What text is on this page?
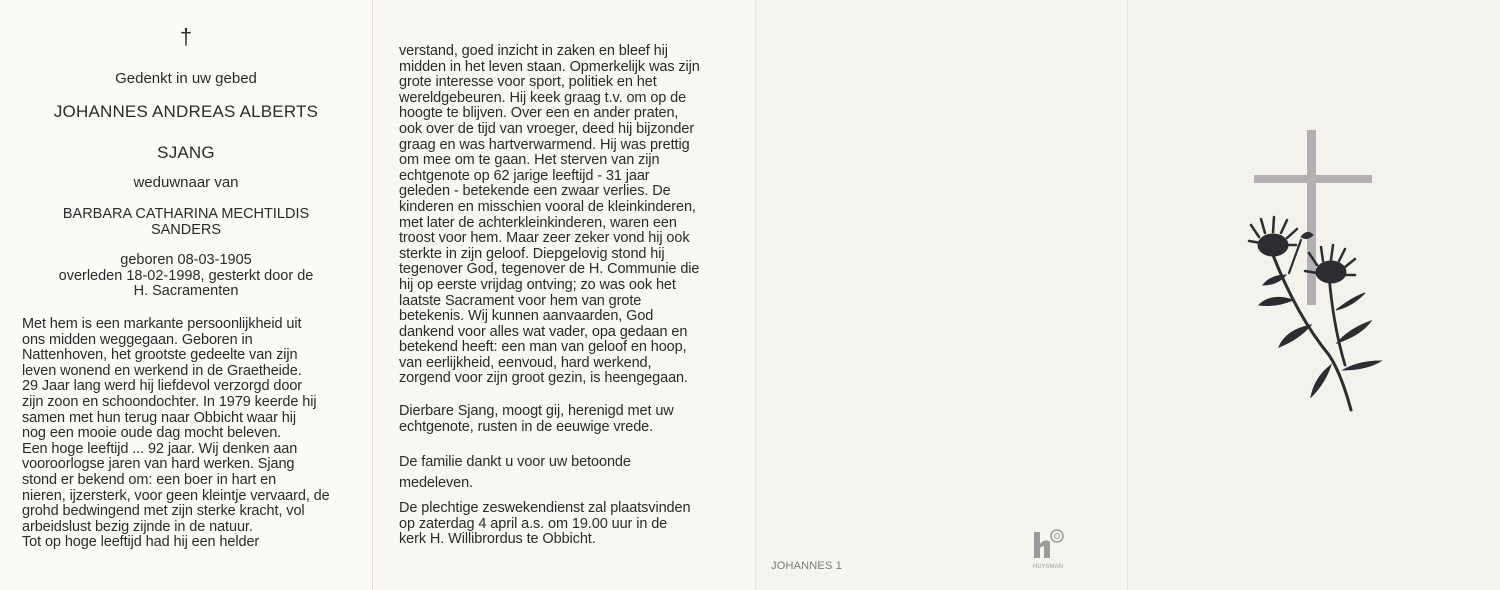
†
Gedenkt in uw gebed
JOHANNES ANDREAS ALBERTS
SJANG
weduwnaar van
BARBARA CATHARINA MECHTILDIS
SANDERS
geboren 08-03-1905
overleden 18-02-1998, gesterkt door de
H. Sacramenten
Met hem is een markante persoonlijkheid uit
ons midden weggegaan. Geboren in
Nattenhoven, het grootste gedeelte van zijn
leven wonend en werkend in de Graetheide.
29 Jaar lang werd hij liefdevol verzorgd door
zijn zoon en schoondochter. In 1979 keerde hij
samen met hun terug naar Obbicht waar hij
nog een mooie oude dag mocht beleven.
Een hoge leeftijd ... 92 jaar. Wij denken aan
vooroorlogse jaren van hard werken. Sjang
stond er bekend om: een boer in hart en
nieren, ijzersterk, voor geen kleintje vervaard, de
grohd bedwingend met zijn sterke kracht, vol
arbeidslust bezig zijnde in de natuur.
Tot op hoge leeftijd had hij een helder
verstand, goed inzicht in zaken en bleef hij
midden in het leven staan. Opmerkelijk was zijn
grote interesse voor sport, politiek en het
wereldgebeuren. Hij keek graag t.v. om op de
hoogte te blijven. Over een en ander praten,
ook over de tijd van vroeger, deed hij bijzonder
graag en was hartverwarmend. Hij was prettig
om mee om te gaan. Het sterven van zijn
echtgenote op 62 jarige leeftijd - 31 jaar
geleden - betekende een zwaar verlies. De
kinderen en misschien vooral de kleinkinderen,
met later de achterkleinkinderen, waren een
troost voor hem. Maar zeer zeker vond hij ook
sterkte in zijn geloof. Diepgelovig stond hij
tegenover God, tegenover de H. Communie die
hij op eerste vrijdag ontving; zo was ook het
laatste Sacrament voor hem van grote
betekenis. Wij kunnen aanvaarden, God
dankend voor alles wat vader, opa gedaan en
betekend heeft: een man van geloof en hoop,
van eerlijkheid, eenvoud, hard werkend,
zorgend voor zijn groot gezin, is heengegaan.
Dierbare Sjang, moogt gij, herenigd met uw
echtgenote, rusten in de eeuwige vrede.
De familie dankt u voor uw betoonde
medeleven.
De plechtige zeswekendienst zal plaatsvinden
op zaterdag 4 april a.s. om 19.00 uur in de
kerk H. Willibrordus te Obbicht.
JOHANNES 1	HUYSMAN
